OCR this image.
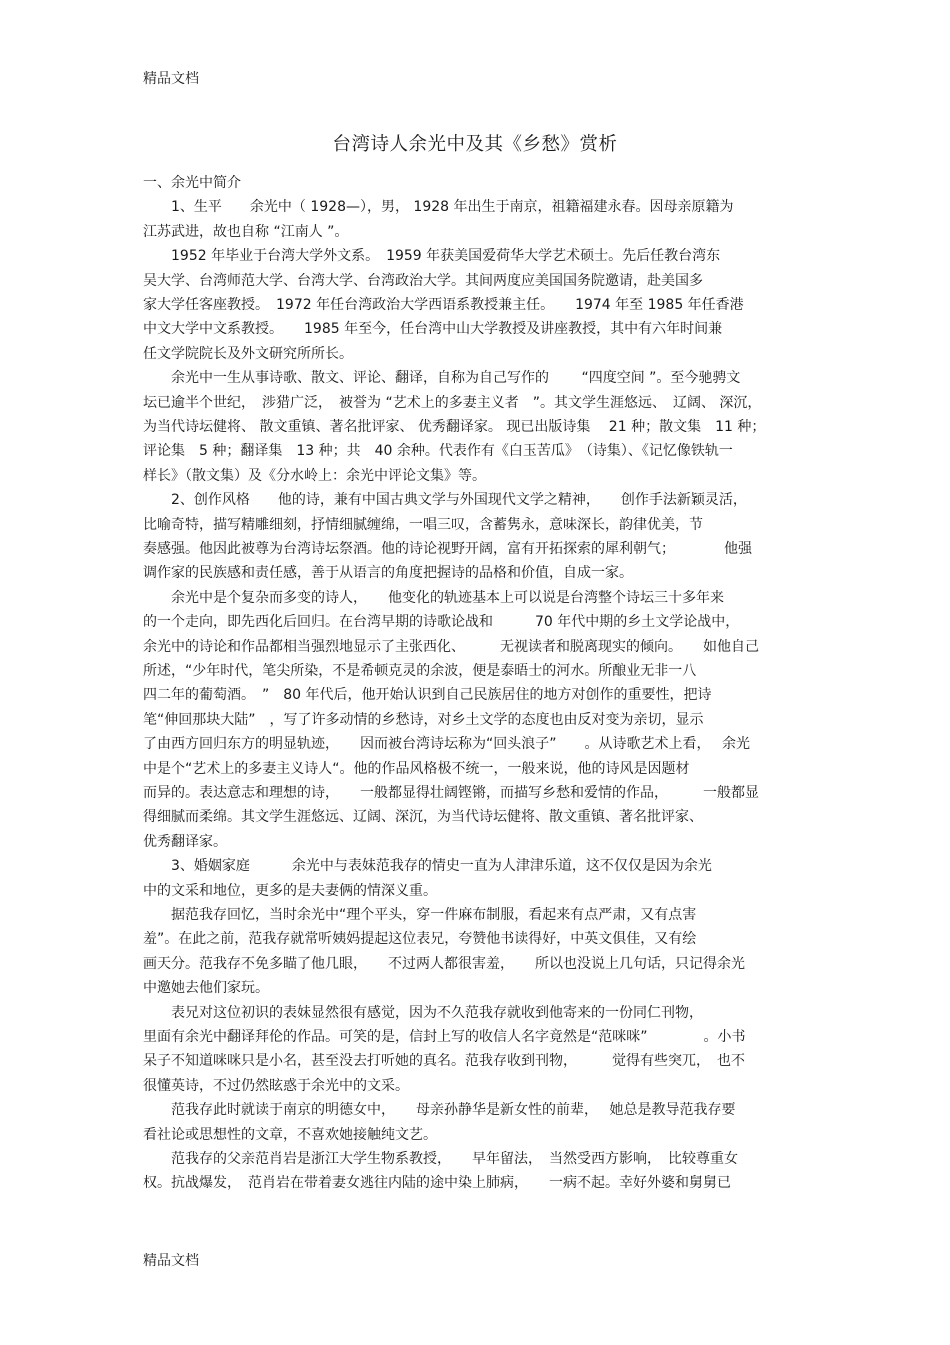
精品文档
台湾诗人余光中及其《乡愁》赏析
一、余光中简介
　　1、生平　　余光中（ 1928—），男， 1928 年出生于南京，祖籍福建永春。因母亲原籍为
江苏武进，故也自称 “江南人 ”。
　　1952 年毕业于台湾大学外文系。　1959 年获美国爱荷华大学艺术硕士。先后任教台湾东
吴大学、台湾师范大学、台湾大学、台湾政治大学。其间两度应美国国务院邀请，赴美国多
家大学任客座教授。　1972 年任台湾政治大学西语系教授兼主任。　　1974 年至 1985 年任香港
中文大学中文系教授。　　1985 年至今，任台湾中山大学教授及讲座教授，其中有六年时间兼
任文学院院长及外文研究所所长。
　　余光中一生从事诗歌、散文、评论、翻译，自称为自己写作的　　 “四度空间 ”。至今驰骋文
坛已逾半个世纪，　涉猎广泛，　被誉为 “艺术上的多妻主义者　”。其文学生涯悠远、　辽阔、 深沉，
为当代诗坛健将、 散文重镇、著名批评家、 优秀翻译家。 现已出版诗集　 21 种；散文集　11 种；
评论集　5 种；翻译集　13 种；共　40 余种。代表作有《白玉苦瓜》　（诗集）、《记忆像铁轨一
样长》（散文集）及《分水岭上：余光中评论文集》等。
　　2、创作风格　　他的诗，兼有中国古典文学与外国现代文学之精神，　　创作手法新颖灵活，
比喻奇特，描写精雕细刻，抒情细腻缠绵，一唱三叹，含蓄隽永，意味深长，韵律优美，节
奏感强。他因此被尊为台湾诗坛祭酒。他的诗论视野开阔，富有开拓探索的犀利朝气；　　　　他强
调作家的民族感和责任感，善于从语言的角度把握诗的品格和价值，自成一家。
　　余光中是个复杂而多变的诗人，　　他变化的轨迹基本上可以说是台湾整个诗坛三十多年来
的一个走向，即先西化后回归。在台湾早期的诗歌论战和　　　70 年代中期的乡土文学论战中，
余光中的诗论和作品都相当强烈地显示了主张西化、　　　无视读者和脱离现实的倾向。　　如他自己
所述，“少年时代，笔尖所染，不是希顿克灵的余波，便是泰晤士的河水。所酿业无非一八
四二年的葡萄酒。　”　80 年代后，他开始认识到自己民族居住的地方对创作的重要性，把诗
笔“伸回那块大陆”　，写了许多动情的乡愁诗，对乡土文学的态度也由反对变为亲切，显示
了由西方回归东方的明显轨迹，　　因而被台湾诗坛称为“回头浪子”　　。从诗歌艺术上看，　 余光
中是个“艺术上的多妻主义诗人“。他的作品风格极不统一，一般来说，他的诗风是因题材
而异的。表达意志和理想的诗，　　一般都显得壮阔铿锵，而描写乡愁和爱情的作品，　　　一般都显
得细腻而柔绵。其文学生涯悠远、辽阔、深沉，为当代诗坛健将、散文重镇、著名批评家、
优秀翻译家。
　　3、婚姻家庭　　　余光中与表妹范我存的情史一直为人津津乐道，这不仅仅是因为余光
中的文采和地位，更多的是夫妻俩的情深义重。
　　据范我存回忆，当时余光中“理个平头，穿一件麻布制服，看起来有点严肃，又有点害
羞”。在此之前，范我存就常听姨妈提起这位表兄，夸赞他书读得好，中英文俱佳，又有绘
画天分。范我存不免多瞄了他几眼，　　不过两人都很害羞，　　所以也没说上几句话，只记得余光
中邀她去他们家玩。
　　表兄对这位初识的表妹显然很有感觉，因为不久范我存就收到他寄来的一份同仁刊物，
里面有余光中翻译拜伦的作品。可笑的是，信封上写的收信人名字竟然是“范咪咪”　　　　。小书
呆子不知道咪咪只是小名，甚至没去打听她的真名。范我存收到刊物，　　　觉得有些突兀，　也不
很懂英诗，不过仍然眩惑于余光中的文采。
　　范我存此时就读于南京的明德女中，　　母亲孙静华是新女性的前辈，　 她总是教导范我存要
看社论或思想性的文章，不喜欢她接触纯文艺。
　　范我存的父亲范肖岩是浙江大学生物系教授，　　早年留法，　当然受西方影响，　比较尊重女
权。抗战爆发，　范肖岩在带着妻女逃往内陆的途中染上肺病，　　一病不起。幸好外婆和舅舅已
精品文档
